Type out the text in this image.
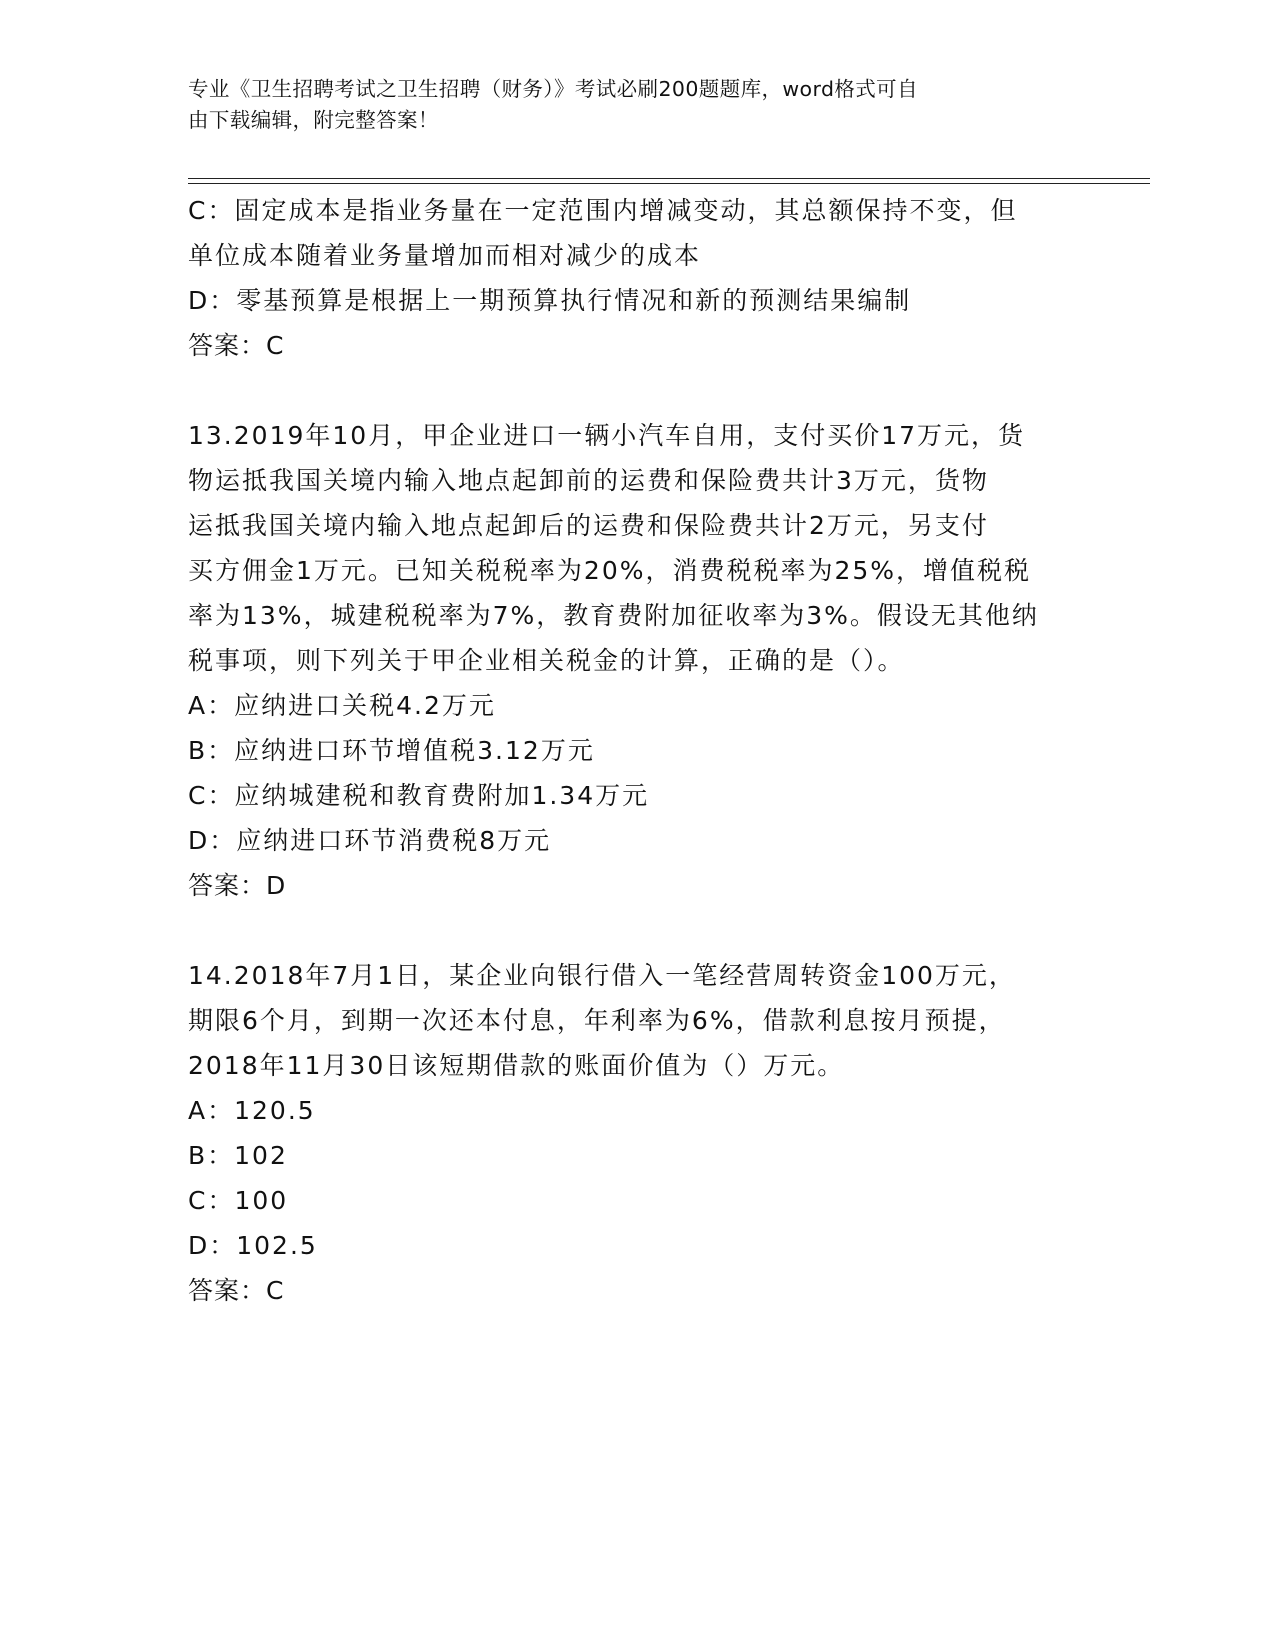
专业《卫生招聘考试之卫生招聘（财务）》考试必刷200题题库，word格式可自
由下载编辑，附完整答案！
C：固定成本是指业务量在一定范围内增减变动，其总额保持不变，但
单位成本随着业务量增加而相对减少的成本
D：零基预算是根据上一期预算执行情况和新的预测结果编制
答案：C
13.2019年10月，甲企业进口一辆小汽车自用，支付买价17万元，货
物运抵我国关境内输入地点起卸前的运费和保险费共计3万元，货物
运抵我国关境内输入地点起卸后的运费和保险费共计2万元，另支付
买方佣金1万元。已知关税税率为20%，消费税税率为25%，增值税税
率为13%，城建税税率为7%，教育费附加征收率为3%。假设无其他纳
税事项，则下列关于甲企业相关税金的计算，正确的是（）。
A：应纳进口关税4.2万元
B：应纳进口环节增值税3.12万元
C：应纳城建税和教育费附加1.34万元
D：应纳进口环节消费税8万元
答案：D
14.2018年7月1日，某企业向银行借入一笔经营周转资金100万元，
期限6个月，到期一次还本付息，年利率为6%，借款利息按月预提，
2018年11月30日该短期借款的账面价值为（）万元。
A：120.5
B：102
C：100
D：102.5
答案：C
